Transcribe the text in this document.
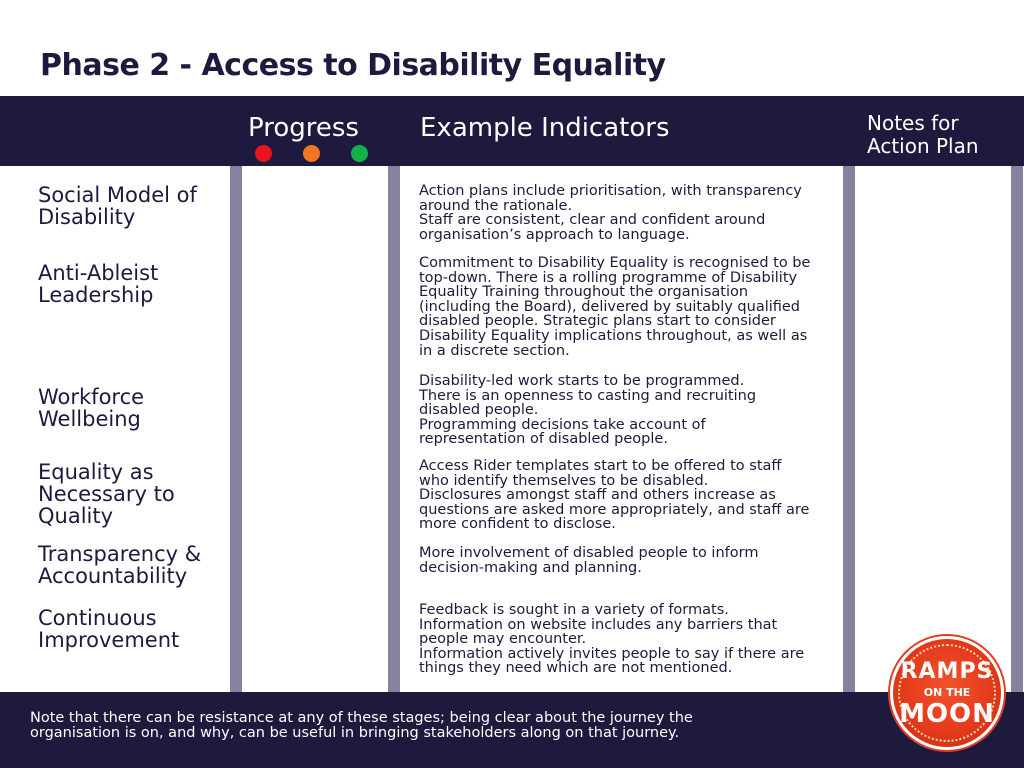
Phase 2 - Access to Disability Equality
Progress Example Indicators	Notes for
Action Plan
Social Model of
Disability
Action plans include prioritisation, with transparency
around the rationale.
Staff are consistent, clear and confident around
organisation’s approach to language.
Anti-Ableist
Leadership
Commitment to Disability Equality is recognised to be
top-down. There is a rolling programme of Disability
Equality Training throughout the organisation
(including the Board), delivered by suitably qualified
disabled people. Strategic plans start to consider
Disability Equality implications throughout, as well as
in a discrete section.
Workforce
Wellbeing
Disability-led work starts to be programmed.
There is an openness to casting and recruiting
disabled people.
Programming decisions take account of
representation of disabled people.
Equality as
Necessary to
Quality
Access Rider templates start to be offered to staff
who identify themselves to be disabled.
Disclosures amongst staff and others increase as
questions are asked more appropriately, and staff are
more confident to disclose.
Transparency &
Accountability
More involvement of disabled people to inform
decision-making and planning.
Continuous
Improvement
Feedback is sought in a variety of formats.
Information on website includes any barriers that
people may encounter.
Information actively invites people to say if there are
things they need which are not mentioned.
Note that there can be resistance at any of these stages; being clear about the journey the
organisation is on, and why, can be useful in bringing stakeholders along on that journey.
RAMPS
ON THE
MOON
